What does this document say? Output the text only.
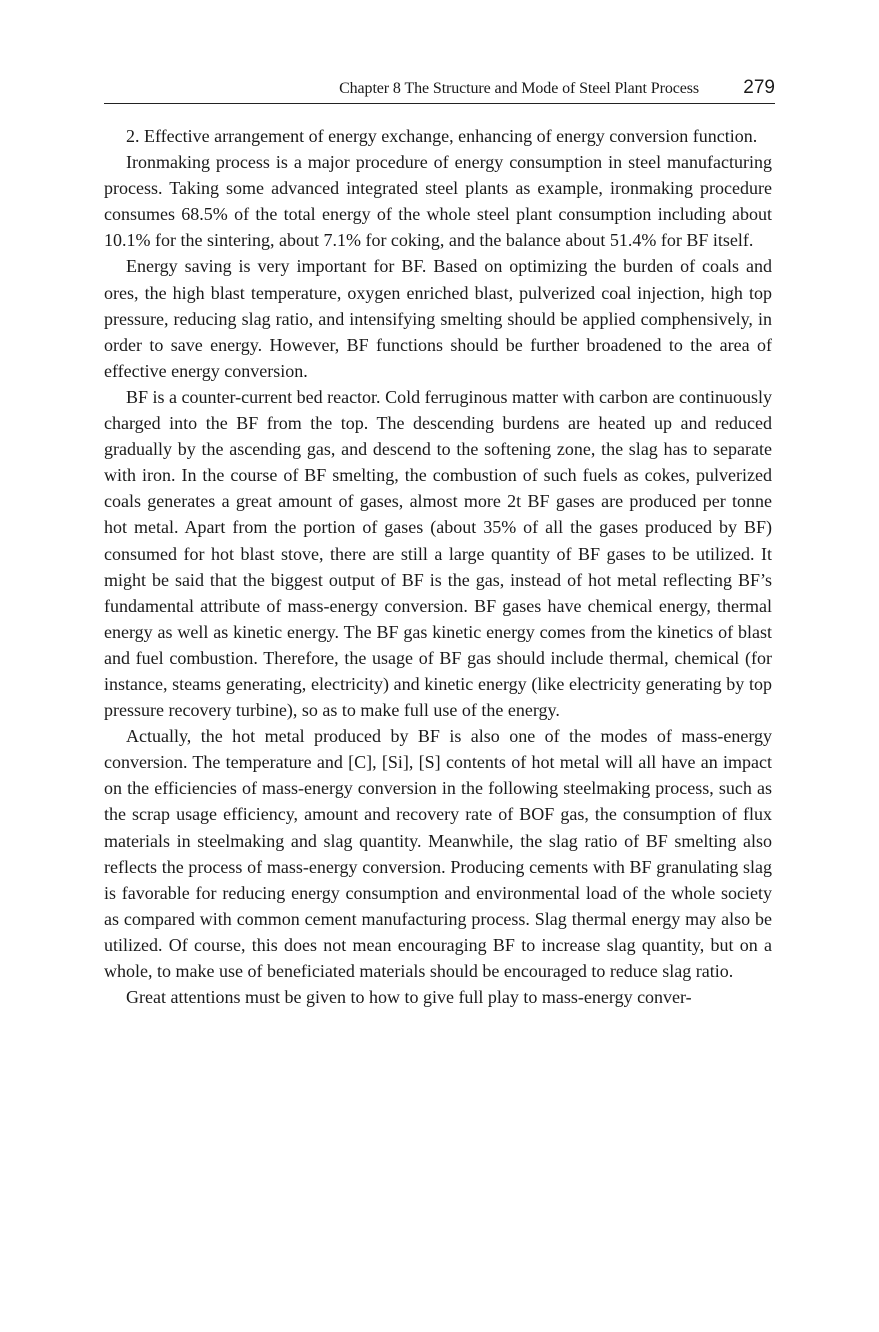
Chapter 8 The Structure and Mode of Steel Plant Process 279

2. Effective arrangement of energy exchange, enhancing of energy conversion function.

Ironmaking process is a major procedure of energy consumption in steel manufacturing process. Taking some advanced integrated steel plants as example, ironmaking procedure consumes 68.5% of the total energy of the whole steel plant consumption including about 10.1% for the sintering, about 7.1% for coking, and the balance about 51.4% for BF itself.

Energy saving is very important for BF. Based on optimizing the burden of coals and ores, the high blast temperature, oxygen enriched blast, pulverized coal injection, high top pressure, reducing slag ratio, and intensifying smelting should be applied comphensively, in order to save energy. However, BF functions should be further broadened to the area of effective energy conversion.

BF is a counter-current bed reactor. Cold ferruginous matter with carbon are continuously charged into the BF from the top. The descending burdens are heated up and reduced gradually by the ascending gas, and descend to the softening zone, the slag has to separate with iron. In the course of BF smelting, the combustion of such fuels as cokes, pulverized coals generates a great amount of gases, almost more 2t BF gases are produced per tonne hot metal. Apart from the portion of gases (about 35% of all the gases produced by BF) consumed for hot blast stove, there are still a large quantity of BF gases to be utilized. It might be said that the biggest output of BF is the gas, instead of hot metal reflecting BF’s fundamental attribute of mass-energy conversion. BF gases have chemical energy, thermal energy as well as kinetic energy. The BF gas kinetic energy comes from the kinetics of blast and fuel combustion. Therefore, the usage of BF gas should include thermal, chemical (for instance, steams generating, electricity) and kinetic energy (like electricity generating by top pressure recovery turbine), so as to make full use of the energy.

Actually, the hot metal produced by BF is also one of the modes of mass-energy conversion. The temperature and [C], [Si], [S] contents of hot metal will all have an impact on the efficiencies of mass-energy conversion in the following steelmaking process, such as the scrap usage efficiency, amount and recovery rate of BOF gas, the consumption of flux materials in steelmaking and slag quantity. Meanwhile, the slag ratio of BF smelting also reflects the process of mass-energy conversion. Producing cements with BF granulating slag is favorable for reducing energy consumption and environmental load of the whole society as compared with common cement manufacturing process. Slag thermal energy may also be utilized. Of course, this does not mean encouraging BF to increase slag quantity, but on a whole, to make use of beneficiated materials should be encouraged to reduce slag ratio.

Great attentions must be given to how to give full play to mass-energy conver-
